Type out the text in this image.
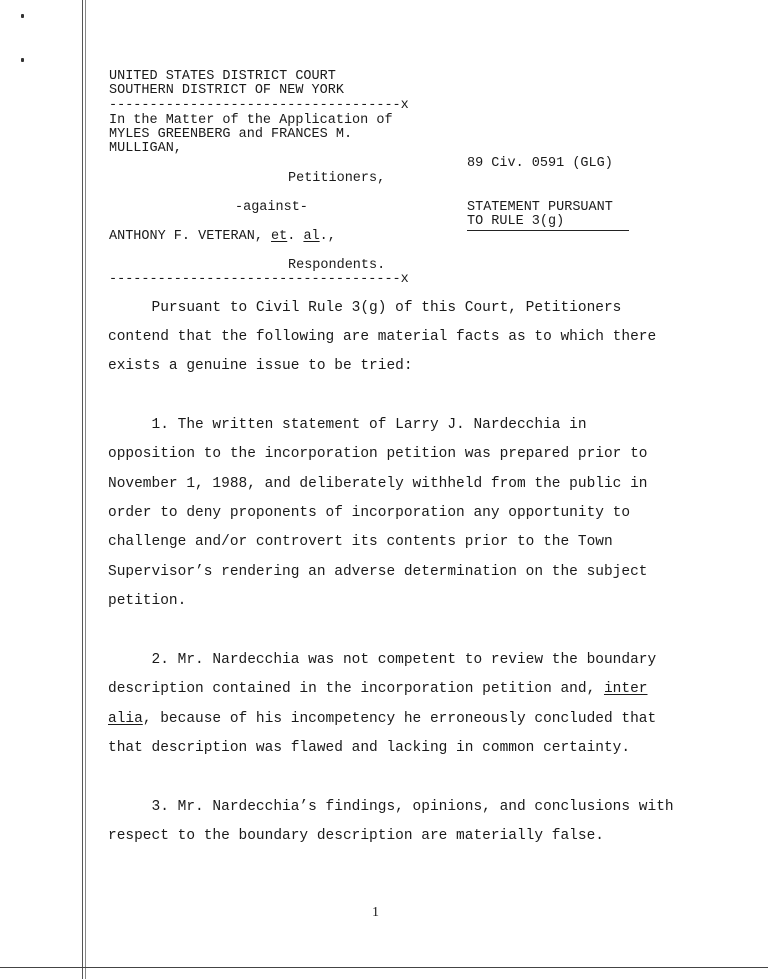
UNITED STATES DISTRICT COURT
SOUTHERN DISTRICT OF NEW YORK
------------------------------------x
In the Matter of the Application of
MYLES GREENBERG and FRANCES M.
MULLIGAN,
89 Civ. 0591 (GLG)
Petitioners,
-against-	STATEMENT PURSUANT
TO RULE 3(g)
ANTHONY F. VETERAN, et. al.,
Respondents.
------------------------------------x
Pursuant to Civil Rule 3(g) of this Court, Petitioners
contend that the following are material facts as to which there
exists a genuine issue to be tried:
1. The written statement of Larry J. Nardecchia in
opposition to the incorporation petition was prepared prior to
November 1, 1988, and deliberately withheld from the public in
order to deny proponents of incorporation any opportunity to
challenge and/or controvert its contents prior to the Town
Supervisor’s rendering an adverse determination on the subject
petition.
2. Mr. Nardecchia was not competent to review the boundary
description contained in the incorporation petition and, inter
alia, because of his incompetency he erroneously concluded that
that description was flawed and lacking in common certainty.
3. Mr. Nardecchia’s findings, opinions, and conclusions with
respect to the boundary description are materially false.
1
